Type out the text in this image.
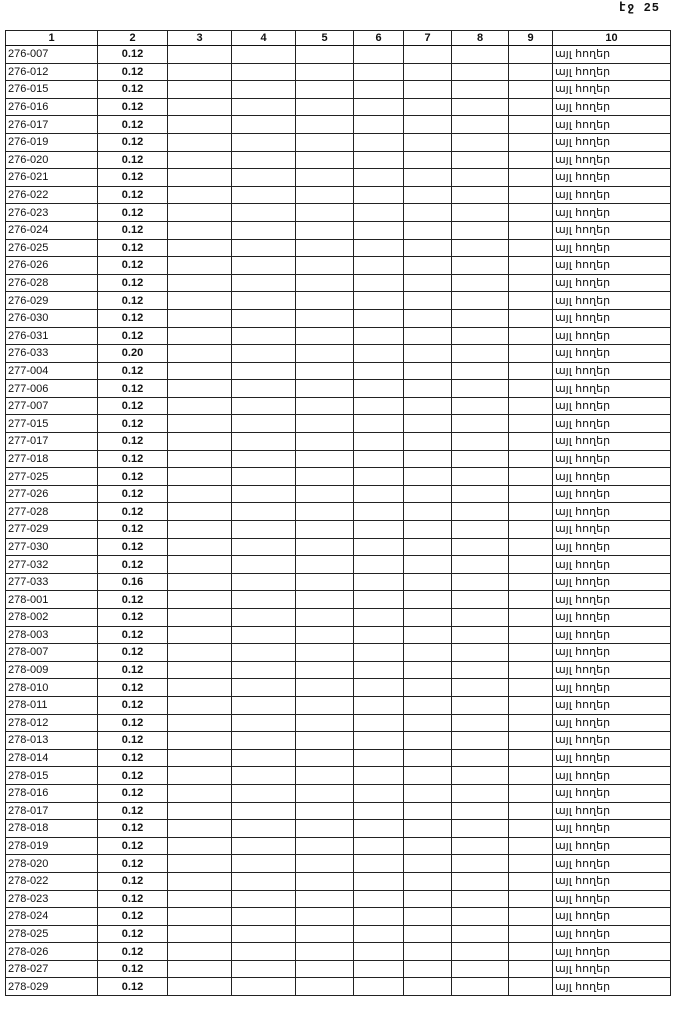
էջ 25
1	2	3	4	5	6	7	8	9	10
276-007	0.12								այլ հողեր
276-012	0.12								այլ հողեր
276-015	0.12								այլ հողեր
276-016	0.12								այլ հողեր
276-017	0.12								այլ հողեր
276-019	0.12								այլ հողեր
276-020	0.12								այլ հողեր
276-021	0.12								այլ հողեր
276-022	0.12								այլ հողեր
276-023	0.12								այլ հողեր
276-024	0.12								այլ հողեր
276-025	0.12								այլ հողեր
276-026	0.12								այլ հողեր
276-028	0.12								այլ հողեր
276-029	0.12								այլ հողեր
276-030	0.12								այլ հողեր
276-031	0.12								այլ հողեր
276-033	0.20								այլ հողեր
277-004	0.12								այլ հողեր
277-006	0.12								այլ հողեր
277-007	0.12								այլ հողեր
277-015	0.12								այլ հողեր
277-017	0.12								այլ հողեր
277-018	0.12								այլ հողեր
277-025	0.12								այլ հողեր
277-026	0.12								այլ հողեր
277-028	0.12								այլ հողեր
277-029	0.12								այլ հողեր
277-030	0.12								այլ հողեր
277-032	0.12								այլ հողեր
277-033	0.16								այլ հողեր
278-001	0.12								այլ հողեր
278-002	0.12								այլ հողեր
278-003	0.12								այլ հողեր
278-007	0.12								այլ հողեր
278-009	0.12								այլ հողեր
278-010	0.12								այլ հողեր
278-011	0.12								այլ հողեր
278-012	0.12								այլ հողեր
278-013	0.12								այլ հողեր
278-014	0.12								այլ հողեր
278-015	0.12								այլ հողեր
278-016	0.12								այլ հողեր
278-017	0.12								այլ հողեր
278-018	0.12								այլ հողեր
278-019	0.12								այլ հողեր
278-020	0.12								այլ հողեր
278-022	0.12								այլ հողեր
278-023	0.12								այլ հողեր
278-024	0.12								այլ հողեր
278-025	0.12								այլ հողեր
278-026	0.12								այլ հողեր
278-027	0.12								այլ հողեր
278-029	0.12								այլ հողեր
